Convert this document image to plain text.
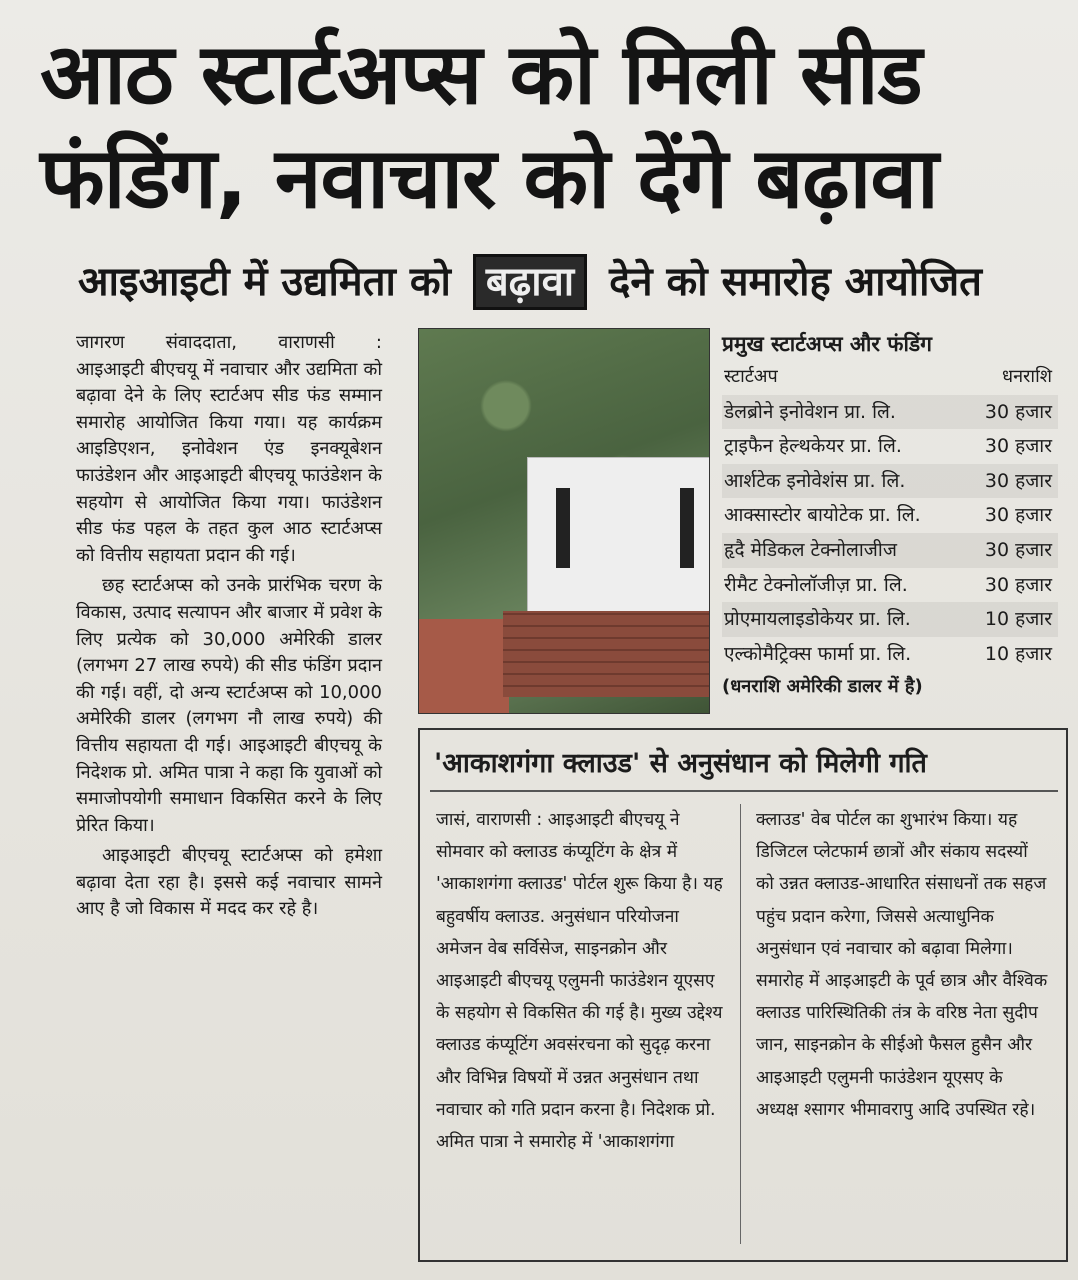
आठ स्टार्टअप्स को मिली सीड
फंडिंग, नवाचार को देंगे बढ़ावा
आइआइटी में उद्यमिता को बढ़ावा देने को समारोह आयोजित

जागरण संवाददाता, वाराणसी :

आइआइटी बीएचयू में नवाचार और उद्यमिता को बढ़ावा देने के लिए स्टार्टअप सीड फंड सम्मान समारोह आयोजित किया गया। यह कार्यक्रम आइडिएशन, इनोवेशन एंड इनक्यूबेशन फाउंडेशन और आइआइटी बीएचयू फाउंडेशन के सहयोग से आयोजित किया गया। फाउंडेशन सीड फंड पहल के तहत कुल आठ स्टार्टअप्स को वित्तीय सहायता प्रदान की गई।

छह स्टार्टअप्स को उनके प्रारंभिक चरण के विकास, उत्पाद सत्यापन और बाजार में प्रवेश के लिए प्रत्येक को 30,000 अमेरिकी डालर (लगभग 27 लाख रुपये) की सीड फंडिंग प्रदान की गई। वहीं, दो अन्य स्टार्टअप्स को 10,000 अमेरिकी डालर (लगभग नौ लाख रुपये) की वित्तीय सहायता दी गई। आइआइटी बीएचयू के निदेशक प्रो. अमित पात्रा ने कहा कि युवाओं को समाजोपयोगी समाधान विकसित करने के लिए प्रेरित किया।

आइआइटी बीएचयू स्टार्टअप्स को हमेशा बढ़ावा देता रहा है। इससे कई नवाचार सामने आए है जो विकास में मदद कर रहे है।

प्रमुख स्टार्टअप्स और फंडिंग
स्टार्टअप	धनराशि
डेलब्रोने इनोवेशन प्रा. लि.	30 हजार
ट्राइफैन हेल्थकेयर प्रा. लि.	30 हजार
आर्शटेक इनोवेशंस प्रा. लि.	30 हजार
आक्सास्टोर बायोटेक प्रा. लि.	30 हजार
हृदै मेडिकल टेक्नोलाजीज	30 हजार
रीमैट टेक्नोलॉजीज़ प्रा. लि.	30 हजार
प्रोएमायलाइडोकेयर प्रा. लि.	10 हजार
एल्कोमैट्रिक्स फार्मा प्रा. लि.	10 हजार
(धनराशि अमेरिकी डालर में है)
'आकाशगंगा क्लाउड' से अनुसंधान को मिलेगी गति
जासं, वाराणसी : आइआइटी बीएचयू ने सोमवार को क्लाउड कंप्यूटिंग के क्षेत्र में 'आकाशगंगा क्लाउड' पोर्टल शुरू किया है। यह बहुवर्षीय क्लाउड. अनुसंधान परियोजना अमेजन वेब सर्विसेज, साइनक्रोन और आइआइटी बीएचयू एलुमनी फाउंडेशन यूएसए के सहयोग से विकसित की गई है। मुख्य उद्देश्य क्लाउड कंप्यूटिंग अवसंरचना को सुदृढ़ करना और विभिन्न विषयों में उन्नत अनुसंधान तथा नवाचार को गति प्रदान करना है। निदेशक प्रो. अमित पात्रा ने समारोह में 'आकाशगंगा
क्लाउड' वेब पोर्टल का शुभारंभ किया। यह डिजिटल प्लेटफार्म छात्रों और संकाय सदस्यों को उन्नत क्लाउड-आधारित संसाधनों तक सहज पहुंच प्रदान करेगा, जिससे अत्याधुनिक अनुसंधान एवं नवाचार को बढ़ावा मिलेगा। समारोह में आइआइटी के पूर्व छात्र और वैश्विक क्लाउड पारिस्थितिकी तंत्र के वरिष्ठ नेता सुदीप जान, साइनक्रोन के सीईओ फैसल हुसैन और आइआइटी एलुमनी फाउंडेशन यूएसए के अध्यक्ष श्सागर भीमावरापु आदि उपस्थित रहे।
